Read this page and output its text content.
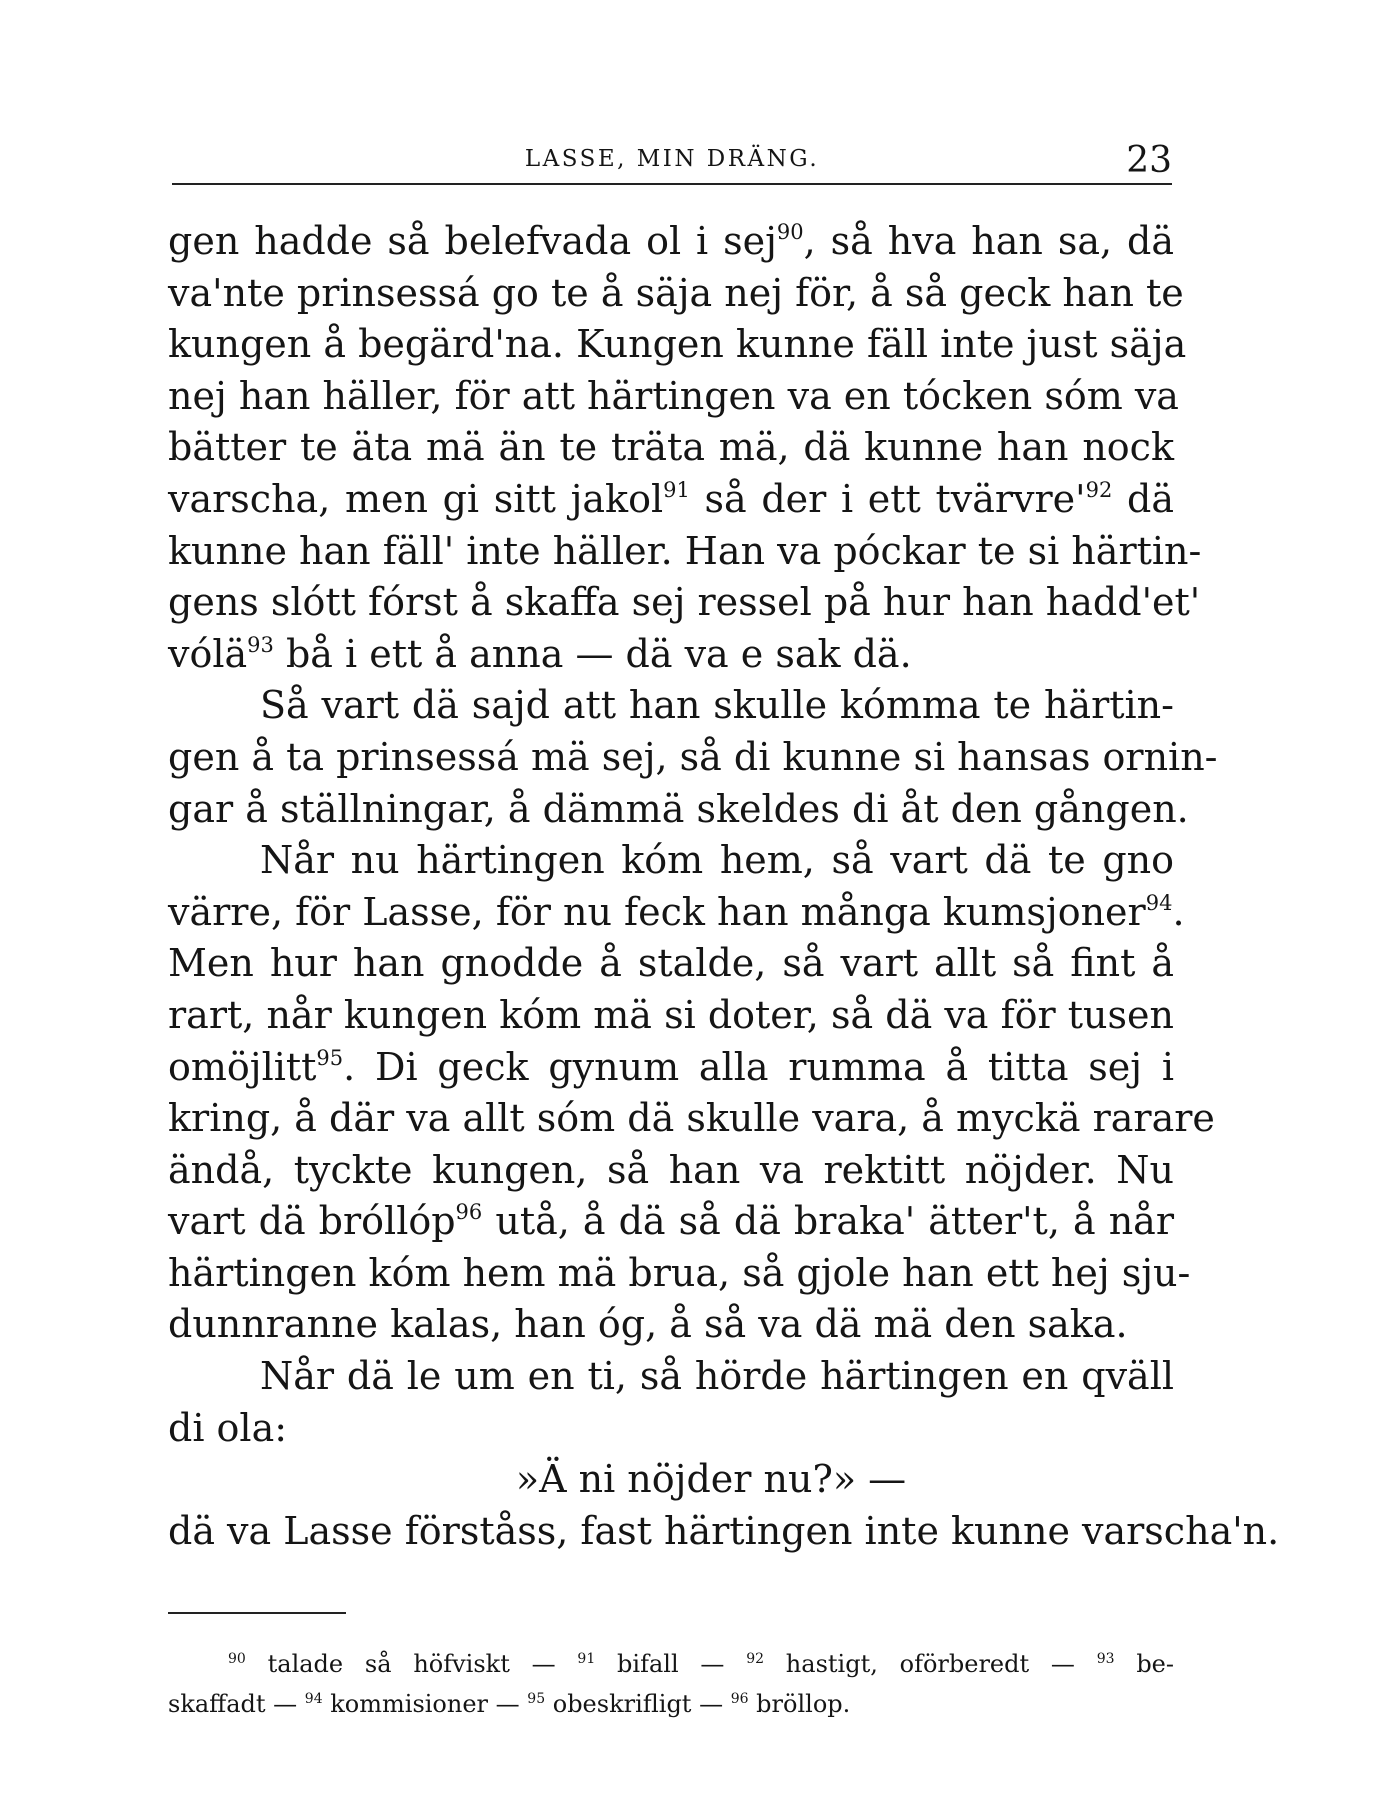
LASSE, MIN DRÄNG.	23
gen hadde så belefvada ol i sej$^{90}$, så hva han sa, dä
va'nte prinsessá go te å säja nej för, å så geck han te
kungen å begärd'na. Kungen kunne fäll inte just säja
nej han häller, för att härtingen va en tócken sóm va
bätter te äta mä än te träta mä, dä kunne han nock
varscha, men gi sitt jakol$^{91}$ så der i ett $tvärvre'^{92}$ dä
kunne han fäll' inte häller. Han va póckar te si härtin-
gens slótt fórst å skaffa sej ressel på hur han hadd'et'
vólä$^{93}$ bå i ett å anna — dä va e sak dä.
Så vart dä sajd att han skulle kómma te härtin-
gen å ta prinsessá mä sej, så di kunne si hansas ornin-
gar å ställningar, å dämmä skeldes di åt den gången.
Når nu härtingen kóm hem, så vart dä te gno
värre, för Lasse, för nu feck han många kumsjoner$^{94}$.
Men hur han gnodde å stalde, så vart allt så fint å
rart, når kungen kóm mä si doter, så dä va för tusen
omöjlitt$^{95}$. Di geck gynum alla rumma å titta sej i
kring, å där va allt sóm dä skulle vara, å myckä rarare
ändå, tyckte kungen, så han va rektitt nöjder. Nu
vart dä bróllóp$^{96}$ utå, å dä så dä braka' ätter't, å når
härtingen kóm hem mä brua, så gjole han ett hej sju-
dunnranne kalas, han óg, å så va dä mä den saka.
Når dä le um en ti, så hörde härtingen en qväll
di ola:
»Ä ni nöjder nu?» —
dä va Lasse förståss, fast härtingen inte kunne varscha'n.
$^{90}$ talade så höfviskt — $^{91}$ bifall — $^{92}$ hastigt, oförberedt — $^{93}$ be-
skaffadt — $^{94}$ kommisioner — $^{95}$ obeskrifligt — $^{96}$ bröllop.
